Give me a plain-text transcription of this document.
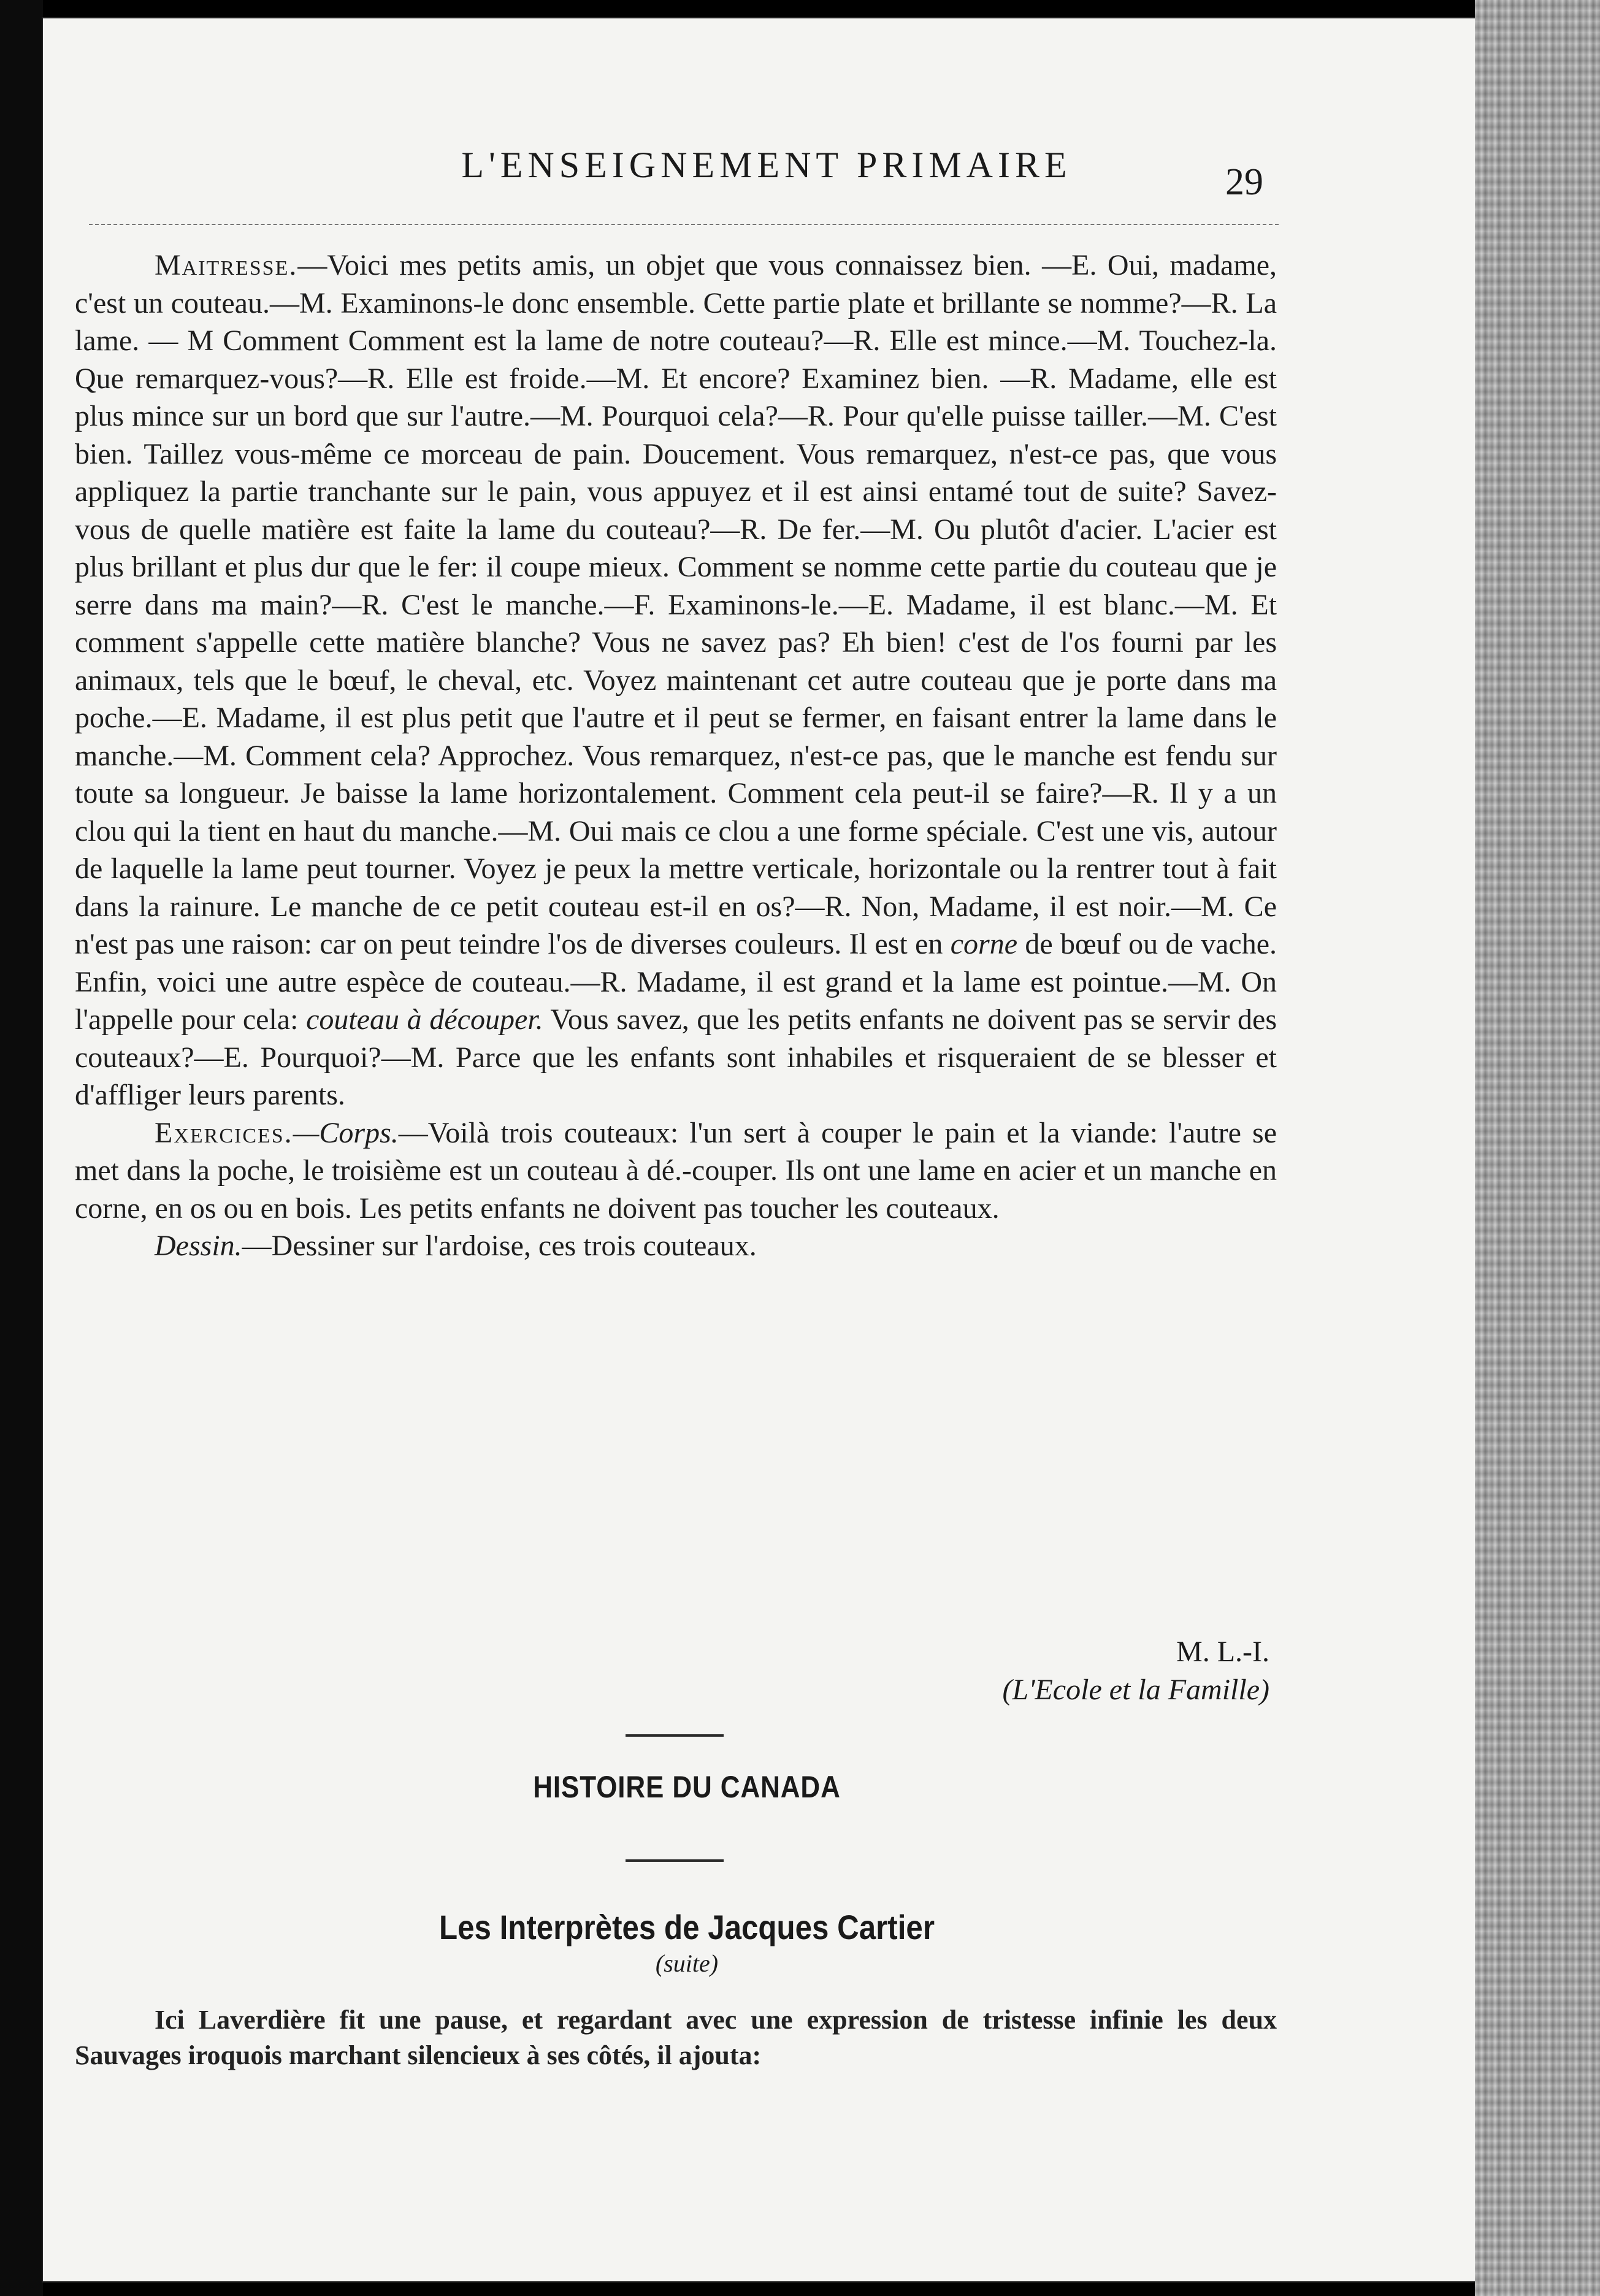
L'ENSEIGNEMENT PRIMAIRE	29

Maitresse.—Voici mes petits amis, un objet que vous connaissez bien. —E. Oui, madame, c'est un couteau.—M. Examinons-le donc ensemble. Cette partie plate et brillante se nomme?—R. La lame. — M Comment Comment est la lame de notre couteau?—R. Elle est mince.—M. Touchez-la. Que remarquez-vous?—R. Elle est froide.—M. Et encore? Examinez bien. —R. Madame, elle est plus mince sur un bord que sur l'autre.—M. Pourquoi cela?—R. Pour qu'elle puisse tailler.—M. C'est bien. Taillez vous-même ce morceau de pain. Doucement. Vous remarquez, n'est-ce pas, que vous appliquez la partie tranchante sur le pain, vous appuyez et il est ainsi entamé tout de suite? Savez-vous de quelle matière est faite la lame du couteau?—R. De fer.—M. Ou plutôt d'acier. L'acier est plus brillant et plus dur que le fer: il coupe mieux. Comment se nomme cette partie du couteau que je serre dans ma main?—R. C'est le manche.—F. Examinons-le.—E. Madame, il est blanc.—M. Et comment s'appelle cette matière blanche? Vous ne savez pas? Eh bien! c'est de l'os fourni par les animaux, tels que le bœuf, le cheval, etc. Voyez maintenant cet autre couteau que je porte dans ma poche.—E. Madame, il est plus petit que l'autre et il peut se fermer, en faisant entrer la lame dans le manche.—M. Comment cela? Approchez. Vous remarquez, n'est-ce pas, que le manche est fendu sur toute sa longueur. Je baisse la lame horizontalement. Comment cela peut-il se faire?—R. Il y a un clou qui la tient en haut du manche.—M. Oui mais ce clou a une forme spéciale. C'est une vis, autour de laquelle la lame peut tourner. Voyez je peux la mettre verticale, horizontale ou la rentrer tout à fait dans la rainure. Le manche de ce petit couteau est-il en os?—R. Non, Madame, il est noir.—M. Ce n'est pas une raison: car on peut teindre l'os de diverses couleurs. Il est en corne de bœuf ou de vache. Enfin, voici une autre espèce de couteau.—R. Madame, il est grand et la lame est pointue.—M. On l'appelle pour cela: couteau à découper. Vous savez, que les petits enfants ne doivent pas se servir des couteaux?—E. Pourquoi?—M. Parce que les enfants sont inhabiles et risqueraient de se blesser et d'affliger leurs parents.

Exercices.—Corps.—Voilà trois couteaux: l'un sert à couper le pain et la viande: l'autre se met dans la poche, le troisième est un couteau à dé.-couper. Ils ont une lame en acier et un manche en corne, en os ou en bois. Les petits enfants ne doivent pas toucher les couteaux.

Dessin.—Dessiner sur l'ardoise, ces trois couteaux.

M. L.-I.
(L'Ecole et la Famille)
HISTOIRE DU CANADA
Les Interprètes de Jacques Cartier
(suite)

Ici Laverdière fit une pause, et regardant avec une expression de tristesse infinie les deux Sauvages iroquois marchant silencieux à ses côtés, il ajouta:
